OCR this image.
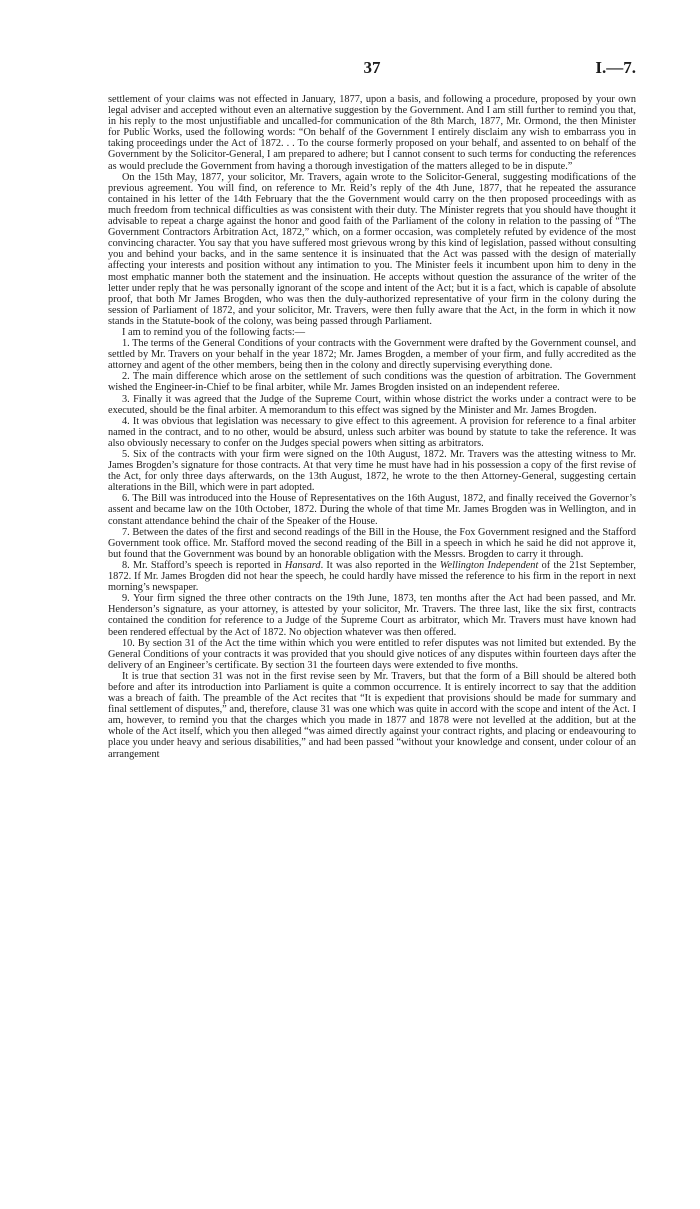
37	I.—7.

settlement of your claims was not effected in January, 1877, upon a basis, and following a procedure, proposed by your own legal adviser and accepted without even an alternative suggestion by the Government. And I am still further to remind you that, in his reply to the most unjustifiable and uncalled-for communication of the 8th March, 1877, Mr. Ormond, the then Minister for Public Works, used the following words: “On behalf of the Government I entirely disclaim any wish to embarrass you in taking proceedings under the Act of 1872. . . To the course formerly proposed on your behalf, and assented to on behalf of the Government by the Solicitor-General, I am prepared to adhere; but I cannot consent to such terms for conducting the references as would preclude the Government from having a thorough investigation of the matters alleged to be in dispute.”

On the 15th May, 1877, your solicitor, Mr. Travers, again wrote to the Solicitor-General, suggesting modifications of the previous agreement. You will find, on reference to Mr. Reid’s reply of the 4th June, 1877, that he repeated the assurance contained in his letter of the 14th February that the the Government would carry on the then proposed proceedings with as much freedom from technical difficulties as was consistent with their duty. The Minister regrets that you should have thought it advisable to repeat a charge against the honor and good faith of the Parliament of the colony in relation to the passing of “The Government Contractors Arbitration Act, 1872,” which, on a former occasion, was completely refuted by evidence of the most convincing character. You say that you have suffered most grievous wrong by this kind of legislation, passed without consulting you and behind your backs, and in the same sentence it is insinuated that the Act was passed with the design of materially affecting your interests and position without any intimation to you. The Minister feels it incumbent upon him to deny in the most emphatic manner both the statement and the insinuation. He accepts without question the assurance of the writer of the letter under reply that he was personally ignorant of the scope and intent of the Act; but it is a fact, which is capable of absolute proof, that both Mr James Brogden, who was then the duly-authorized representative of your firm in the colony during the session of Parliament of 1872, and your solicitor, Mr. Travers, were then fully aware that the Act, in the form in which it now stands in the Statute-book of the colony, was being passed through Parliament.

I am to remind you of the following facts:—

1. The terms of the General Conditions of your contracts with the Government were drafted by the Government counsel, and settled by Mr. Travers on your behalf in the year 1872; Mr. James Brogden, a member of your firm, and fully accredited as the attorney and agent of the other members, being then in the colony and directly supervising everything done.

2. The main difference which arose on the settlement of such conditions was the question of arbitration. The Government wished the Engineer-in-Chief to be final arbiter, while Mr. James Brogden insisted on an independent referee.

3. Finally it was agreed that the Judge of the Supreme Court, within whose district the works under a contract were to be executed, should be the final arbiter. A memorandum to this effect was signed by the Minister and Mr. James Brogden.

4. It was obvious that legislation was necessary to give effect to this agreement. A provision for reference to a final arbiter named in the contract, and to no other, would be absurd, unless such arbiter was bound by statute to take the reference. It was also obviously necessary to confer on the Judges special powers when sitting as arbitrators.

5. Six of the contracts with your firm were signed on the 10th August, 1872. Mr. Travers was the attesting witness to Mr. James Brogden’s signature for those contracts. At that very time he must have had in his possession a copy of the first revise of the Act, for only three days afterwards, on the 13th August, 1872, he wrote to the then Attorney-General, suggesting certain alterations in the Bill, which were in part adopted.

6. The Bill was introduced into the House of Representatives on the 16th August, 1872, and finally received the Governor’s assent and became law on the 10th October, 1872. During the whole of that time Mr. James Brogden was in Wellington, and in constant attendance behind the chair of the Speaker of the House.

7. Between the dates of the first and second readings of the Bill in the House, the Fox Government resigned and the Stafford Government took office. Mr. Stafford moved the second reading of the Bill in a speech in which he said he did not approve it, but found that the Government was bound by an honorable obligation with the Messrs. Brogden to carry it through.

8. Mr. Stafford’s speech is reported in Hansard. It was also reported in the Wellington Independent of the 21st September, 1872. If Mr. James Brogden did not hear the speech, he could hardly have missed the reference to his firm in the report in next morning’s newspaper.

9. Your firm signed the three other contracts on the 19th June, 1873, ten months after the Act had been passed, and Mr. Henderson’s signature, as your attorney, is attested by your solicitor, Mr. Travers. The three last, like the six first, contracts contained the condition for reference to a Judge of the Supreme Court as arbitrator, which Mr. Travers must have known had been rendered effectual by the Act of 1872. No objection whatever was then offered.

10. By section 31 of the Act the time within which you were entitled to refer disputes was not limited but extended. By the General Conditions of your contracts it was provided that you should give notices of any disputes within fourteen days after the delivery of an Engineer’s certificate. By section 31 the fourteen days were extended to five months.

It is true that section 31 was not in the first revise seen by Mr. Travers, but that the form of a Bill should be altered both before and after its introduction into Parliament is quite a common occurrence. It is entirely incorrect to say that the addition was a breach of faith. The preamble of the Act recites that “It is expedient that provisions should be made for summary and final settlement of disputes,” and, therefore, clause 31 was one which was quite in accord with the scope and intent of the Act. I am, however, to remind you that the charges which you made in 1877 and 1878 were not levelled at the addition, but at the whole of the Act itself, which you then alleged “was aimed directly against your contract rights, and placing or endeavouring to place you under heavy and serious disabilities,” and had been passed “without your knowledge and consent, under colour of an arrangement
